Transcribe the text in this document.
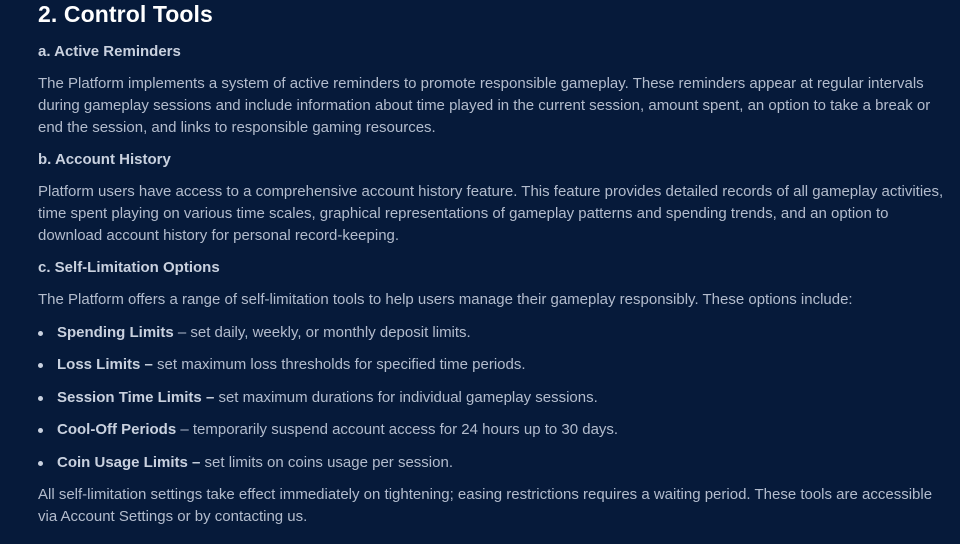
2. Control Tools
a. Active Reminders

The Platform implements a system of active reminders to promote responsible gameplay. These reminders appear at regular intervals during gameplay sessions and include information about time played in the current session, amount spent, an option to take a break or end the session, and links to responsible gaming resources.

b. Account History

Platform users have access to a comprehensive account history feature. This feature provides detailed records of all gameplay activities, time spent playing on various time scales, graphical representations of gameplay patterns and spending trends, and an option to download account history for personal record-keeping.

c. Self-Limitation Options

The Platform offers a range of self-limitation tools to help users manage their gameplay responsibly. These options include:

Spending Limits – set daily, weekly, or monthly deposit limits.
Loss Limits – set maximum loss thresholds for specified time periods.
Session Time Limits – set maximum durations for individual gameplay sessions.
Cool-Off Periods – temporarily suspend account access for 24 hours up to 30 days.
Coin Usage Limits – set limits on coins usage per session.

All self-limitation settings take effect immediately on tightening; easing restrictions requires a waiting period. These tools are accessible via Account Settings or by contacting us.
